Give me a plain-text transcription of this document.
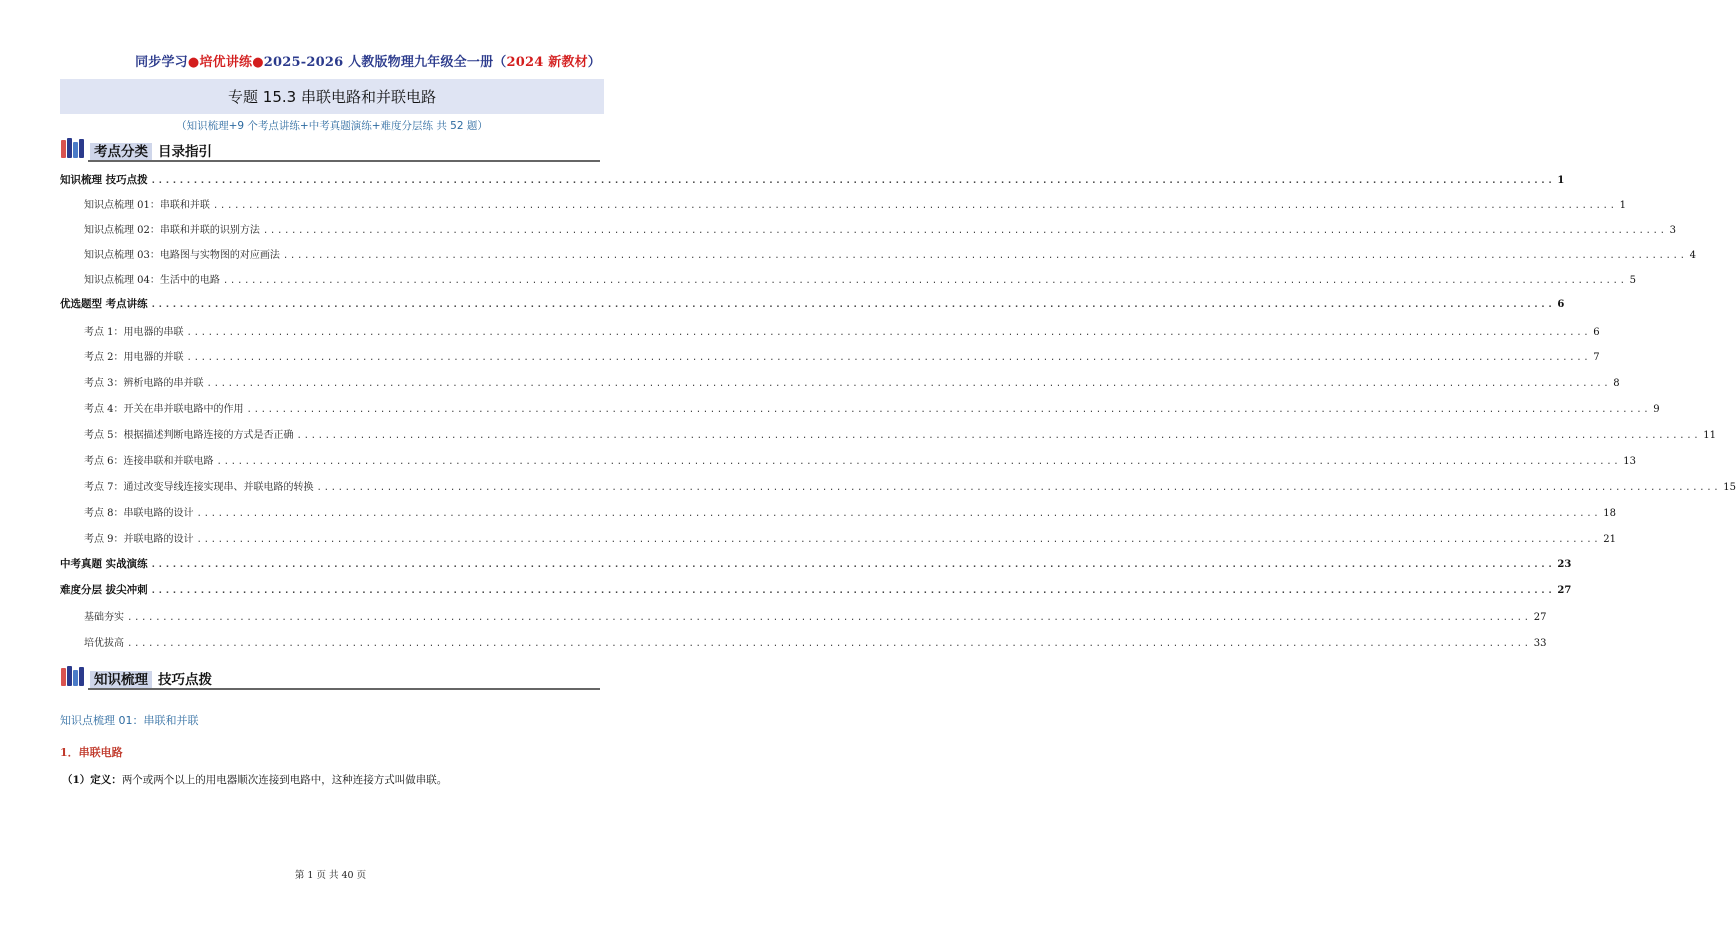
同步学习●培优讲练●2025-2026 人教版物理九年级全一册（2024 新教材）
专题 15.3 串联电路和并联电路
（知识梳理+9 个考点讲练+中考真题演练+难度分层练 共 52 题）
考点分类 目录指引
知识梳理 技巧点拨 ........................................................................................................................................................................................................ 1
知识点梳理 01：串联和并联 ........................................................................................................................................................................................................ 1
知识点梳理 02：串联和并联的识别方法 ........................................................................................................................................................................................................ 3
知识点梳理 03：电路图与实物图的对应画法 ........................................................................................................................................................................................................ 4
知识点梳理 04：生活中的电路 ........................................................................................................................................................................................................ 5
优选题型 考点讲练 ........................................................................................................................................................................................................ 6
考点 1：用电器的串联 ........................................................................................................................................................................................................ 6
考点 2：用电器的并联 ........................................................................................................................................................................................................ 7
考点 3：辨析电路的串并联 ........................................................................................................................................................................................................ 8
考点 4：开关在串并联电路中的作用 ........................................................................................................................................................................................................ 9
考点 5：根据描述判断电路连接的方式是否正确 ........................................................................................................................................................................................................ 11
考点 6：连接串联和并联电路 ........................................................................................................................................................................................................ 13
考点 7：通过改变导线连接实现串、并联电路的转换 ........................................................................................................................................................................................................ 15
考点 8：串联电路的设计 ........................................................................................................................................................................................................ 18
考点 9：并联电路的设计 ........................................................................................................................................................................................................ 21
中考真题 实战演练 ........................................................................................................................................................................................................ 23
难度分层 拔尖冲刺 ........................................................................................................................................................................................................ 27
基础夯实 ........................................................................................................................................................................................................ 27
培优拔高 ........................................................................................................................................................................................................ 33
知识梳理 技巧点拨
知识点梳理 01：串联和并联
1．串联电路
（1）定义：两个或两个以上的用电器顺次连接到电路中，这种连接方式叫做串联。
第 1 页 共 40 页
